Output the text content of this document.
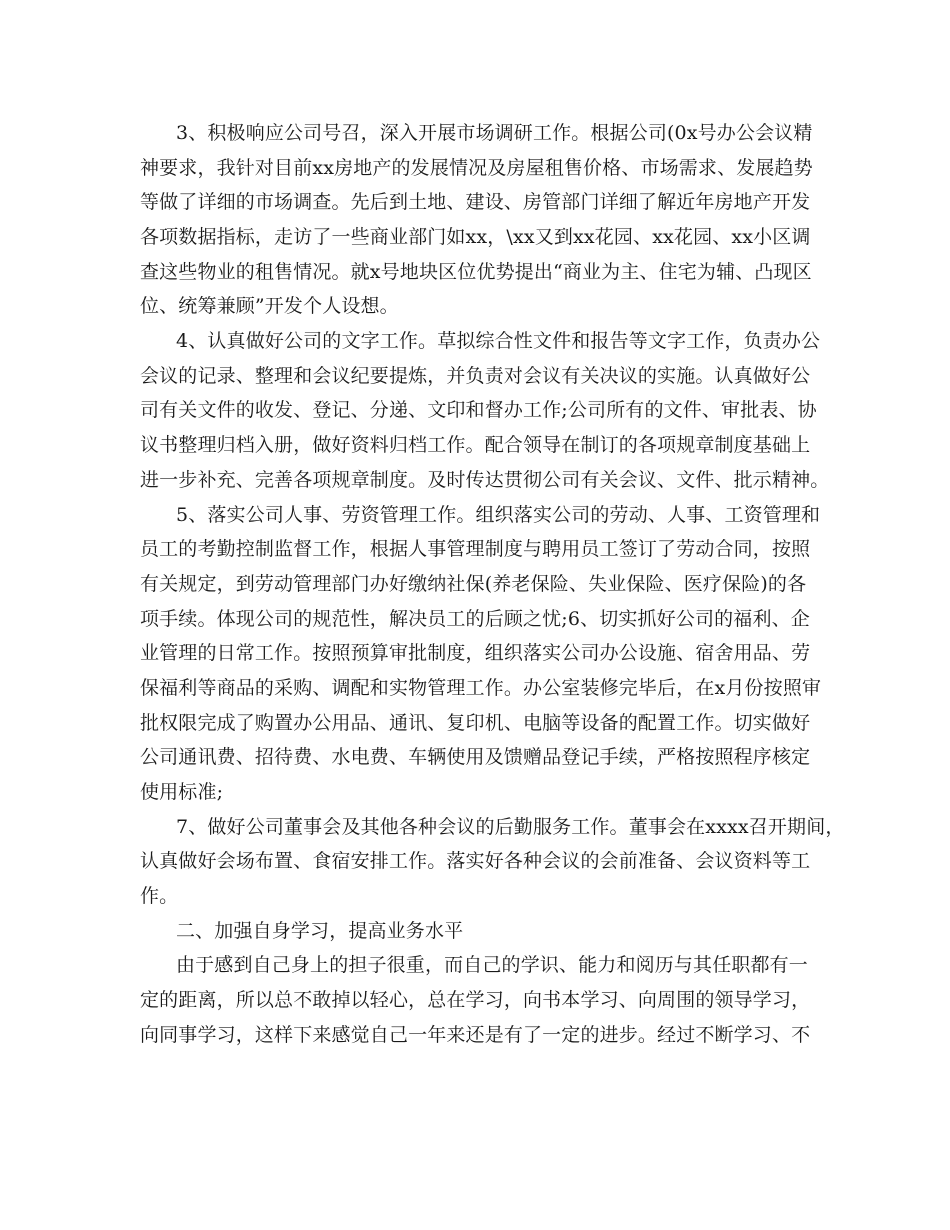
3、积极响应公司号召，深入开展市场调研工作。根据公司(0x号办公会议精
神要求，我针对目前xx房地产的发展情况及房屋租售价格、市场需求、发展趋势
等做了详细的市场调查。先后到土地、建设、房管部门详细了解近年房地产开发
各项数据指标，走访了一些商业部门如xx，\xx又到xx花园、xx花园、xx小区调
查这些物业的租售情况。就x号地块区位优势提出“商业为主、住宅为辅、凸现区
位、统筹兼顾”开发个人设想。
4、认真做好公司的文字工作。草拟综合性文件和报告等文字工作，负责办公
会议的记录、整理和会议纪要提炼，并负责对会议有关决议的实施。认真做好公
司有关文件的收发、登记、分递、文印和督办工作;公司所有的文件、审批表、协
议书整理归档入册，做好资料归档工作。配合领导在制订的各项规章制度基础上
进一步补充、完善各项规章制度。及时传达贯彻公司有关会议、文件、批示精神。
5、落实公司人事、劳资管理工作。组织落实公司的劳动、人事、工资管理和
员工的考勤控制监督工作，根据人事管理制度与聘用员工签订了劳动合同，按照
有关规定，到劳动管理部门办好缴纳社保(养老保险、失业保险、医疗保险)的各
项手续。体现公司的规范性，解决员工的后顾之忧;6、切实抓好公司的福利、企
业管理的日常工作。按照预算审批制度，组织落实公司办公设施、宿舍用品、劳
保福利等商品的采购、调配和实物管理工作。办公室装修完毕后，在x月份按照审
批权限完成了购置办公用品、通讯、复印机、电脑等设备的配置工作。切实做好
公司通讯费、招待费、水电费、车辆使用及馈赠品登记手续，严格按照程序核定
使用标准;
7、做好公司董事会及其他各种会议的后勤服务工作。董事会在xxxx召开期间，
认真做好会场布置、食宿安排工作。落实好各种会议的会前准备、会议资料等工
作。
二、加强自身学习，提高业务水平
由于感到自己身上的担子很重，而自己的学识、能力和阅历与其任职都有一
定的距离，所以总不敢掉以轻心，总在学习，向书本学习、向周围的领导学习，
向同事学习，这样下来感觉自己一年来还是有了一定的进步。经过不断学习、不
